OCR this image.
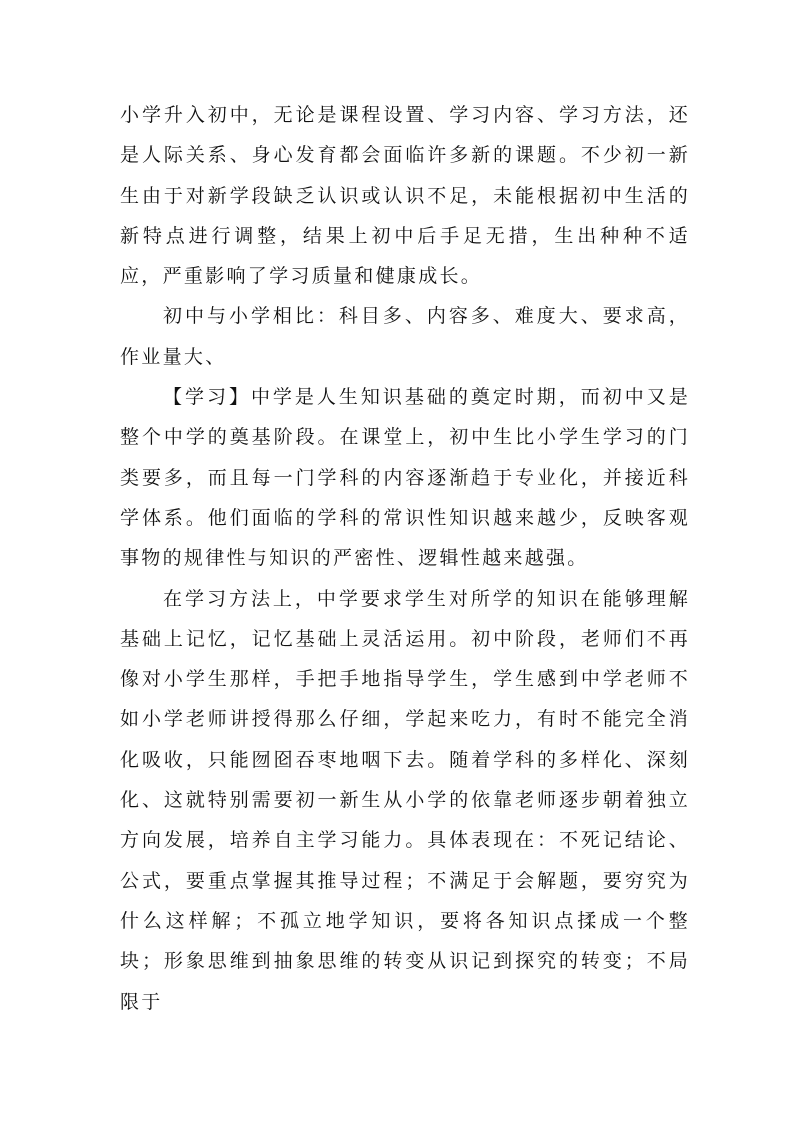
小学升入初中，无论是课程设置、学习内容、学习方法，还是人际关系、身心发育都会面临许多新的课题。不少初一新生由于对新学段缺乏认识或认识不足，未能根据初中生活的新特点进行调整，结果上初中后手足无措，生出种种不适应，严重影响了学习质量和健康成长。

初中与小学相比：科目多、内容多、难度大、要求高，作业量大、

【学习】中学是人生知识基础的奠定时期，而初中又是整个中学的奠基阶段。在课堂上，初中生比小学生学习的门类要多，而且每一门学科的内容逐渐趋于专业化，并接近科学体系。他们面临的学科的常识性知识越来越少，反映客观事物的规律性与知识的严密性、逻辑性越来越强。

在学习方法上，中学要求学生对所学的知识在能够理解基础上记忆，记忆基础上灵活运用。初中阶段，老师们不再像对小学生那样，手把手地指导学生，学生感到中学老师不如小学老师讲授得那么仔细，学起来吃力，有时不能完全消化吸收，只能囫囵吞枣地咽下去。随着学科的多样化、深刻化、这就特别需要初一新生从小学的依靠老师逐步朝着独立方向发展，培养自主学习能力。具体表现在：不死记结论、公式，要重点掌握其推导过程；不满足于会解题，要穷究为什么这样解；不孤立地学知识，要将各知识点揉成一个整块；形象思维到抽象思维的转变从识记到探究的转变；不局限于
